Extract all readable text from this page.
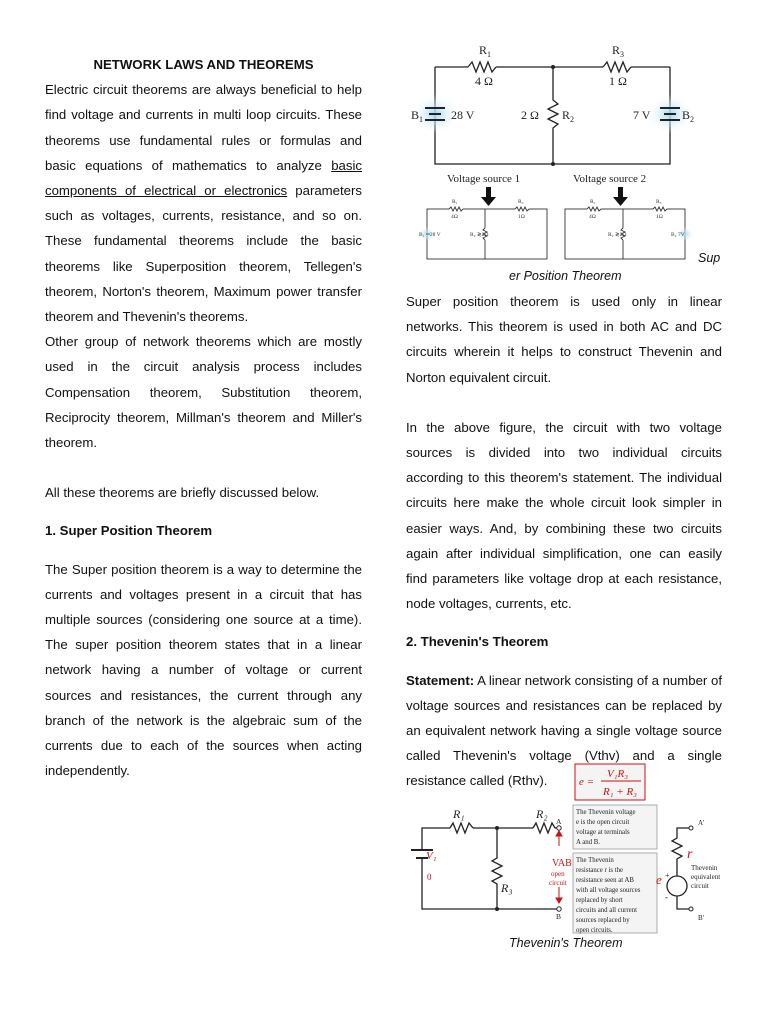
NETWORK LAWS AND THEOREMS

Electric circuit theorems are always beneficial to help find voltage and currents in multi loop circuits. These theorems use fundamental rules or formulas and basic equations of mathematics to analyze basic components of electrical or electronics parameters such as voltages, currents, resistance, and so on. These fundamental theorems include the basic theorems like Superposition theorem, Tellegen's theorem, Norton's theorem, Maximum power transfer theorem and Thevenin's theorems.

Other group of network theorems which are mostly used in the circuit analysis process includes Compensation theorem, Substitution theorem, Reciprocity theorem, Millman's theorem and Miller's theorem.

All these theorems are briefly discussed below.

1. Super Position Theorem

The Super position theorem is a way to determine the currents and voltages present in a circuit that has multiple sources (considering one source at a time). The super position theorem states that in a linear network having a number of voltage or current sources and resistances, the current through any branch of the network is the algebraic sum of the currents due to each of the sources when acting independently.

R 1
4 Ω
R 3
1 Ω
B 1 28 V	2 Ω R 2	7 V	B 2
Voltage source 1	Voltage source 2
R₁
4Ω
R₃
1Ω
R₂ ≷2Ω
B₁ ═28 V
R₁
4Ω
R₃
1Ω
R₂ ≷2Ω	B₂ 7V
Sup
er Position Theorem

Super position theorem is used only in linear networks. This theorem is used in both AC and DC circuits wherein it helps to construct Thevenin and Norton equivalent circuit.

In the above figure, the circuit with two voltage sources is divided into two individual circuits according to this theorem's statement. The individual circuits here make the whole circuit look simpler in easier ways. And, by combining these two circuits again after individual simplification, one can easily find parameters like voltage drop at each resistance, node voltages, currents, etc.

2. Thevenin's Theorem

Statement: A linear network consisting of a number of voltage sources and resistances can be replaced by an equivalent network having a single voltage source called Thevenin's voltage (Vthv) and a single resistance called (Rthv).	e =
V₁R₃
R₁ + R₃
The Thevenin voltage
e is the open circuit
voltage at terminals
A and B.
The Thevenin
resistance r is the
resistance seen at AB
with all voltage sources
replaced by short
circuits and all current
sources replaced by
open circuits.
R₁	R₂
R₃
V₁
0
A
B
VAB
open
circuit
r
e +
-
A'
B'
Thevenin
equivalent
circuit
Thevenin's Theorem
